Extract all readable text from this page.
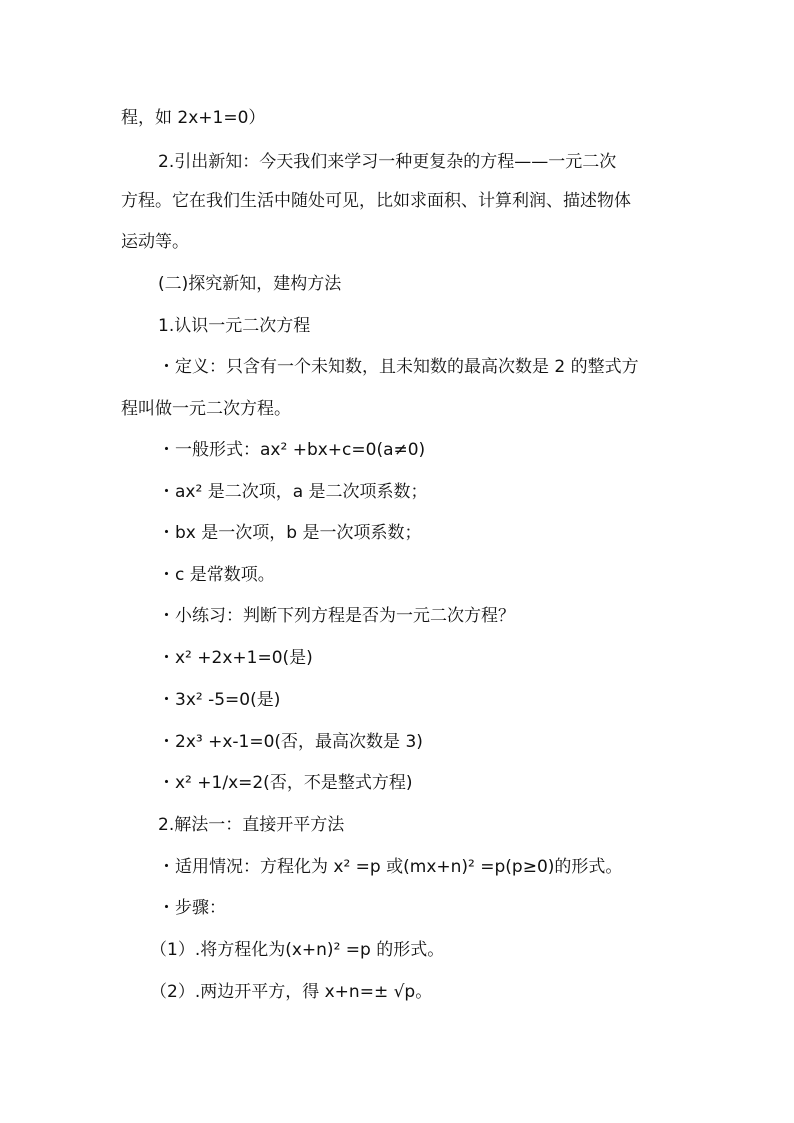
程，如 2x+1=0）
2.引出新知：今天我们来学习一种更复杂的方程——一元二次
方程。它在我们生活中随处可见，比如求面积、计算利润、描述物体
运动等。
(二)探究新知，建构方法
1.认识一元二次方程
・定义：只含有一个未知数，且未知数的最高次数是 2 的整式方
程叫做一元二次方程。
・一般形式：ax² +bx+c=0(a≠0)
・ax² 是二次项，a 是二次项系数；
・bx 是一次项，b 是一次项系数；
・c 是常数项。
・小练习：判断下列方程是否为一元二次方程？
・x² +2x+1=0(是)
・3x² -5=0(是)
・2x³ +x-1=0(否，最高次数是 3)
・x² +1/x=2(否，不是整式方程)
2.解法一：直接开平方法
・适用情况：方程化为 x² =p 或(mx+n)² =p(p≥0)的形式。
・步骤：
（1）.将方程化为(x+n)² =p 的形式。
（2）.两边开平方，得 x+n=± √p。
